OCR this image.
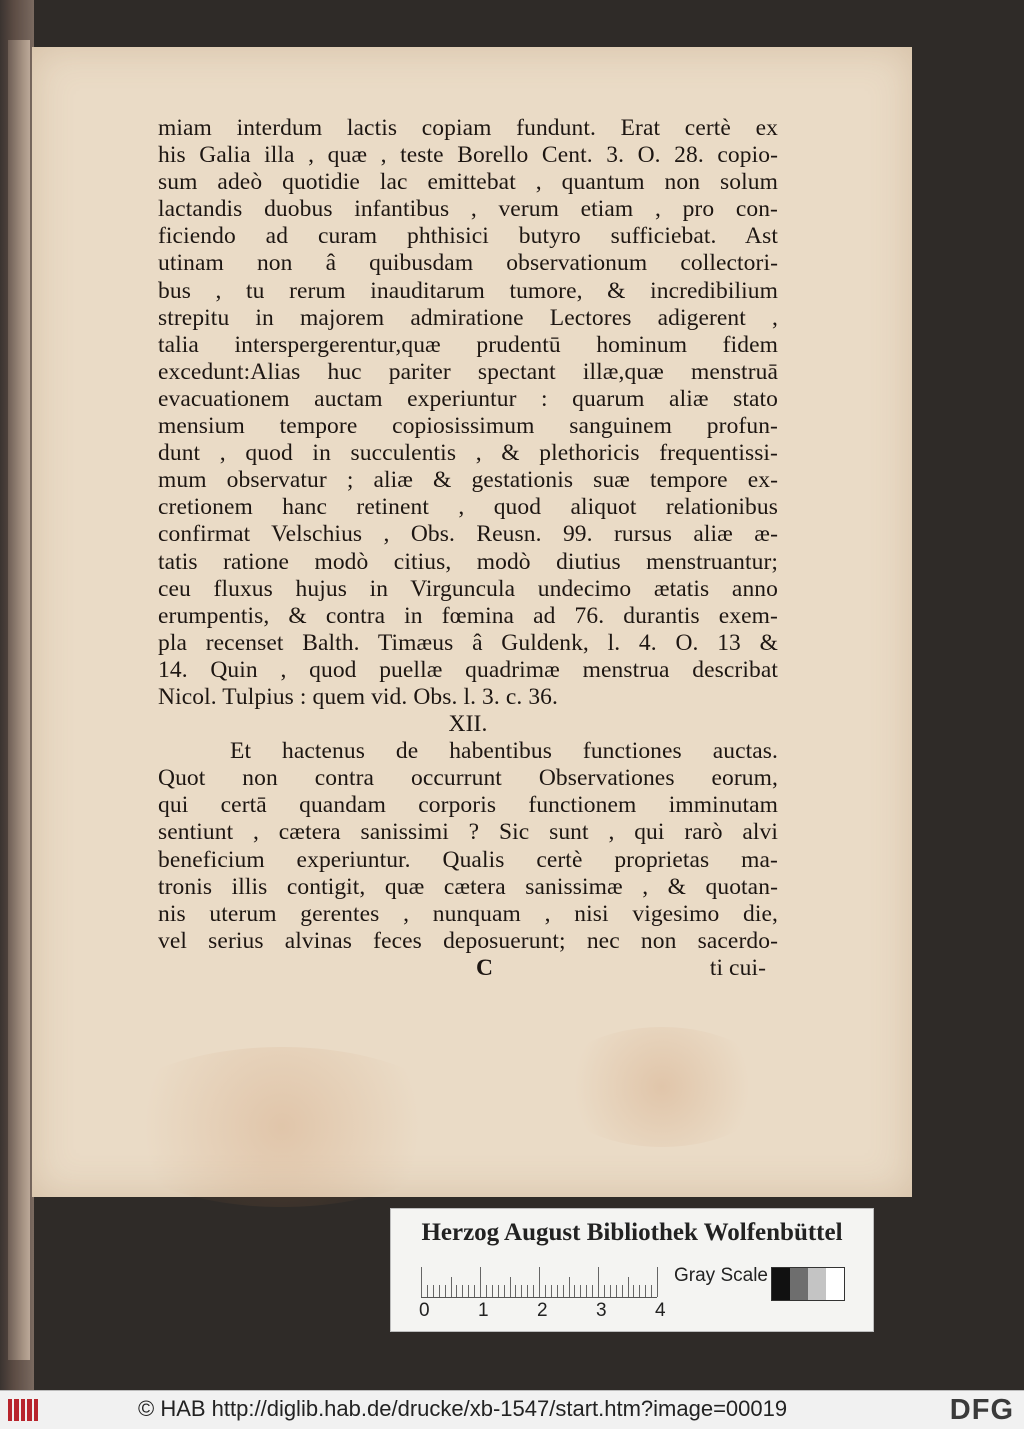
miam interdum lactis copiam fundunt. Erat certè ex
his Galia illa , quæ , teste Borello Cent. 3. O. 28. copio-
sum adeò quotidie lac emittebat , quantum non solum
lactandis duobus infantibus , verum etiam , pro con-
ficiendo ad curam phthisici butyro sufficiebat. Ast
utinam non â quibusdam observationum collectori-
bus , tu rerum inauditarum tumore, & incredibilium
strepitu in majorem admiratione Lectores adigerent ,
talia interspergerentur,quæ prudentū hominum fidem
excedunt:Alias huc pariter spectant illæ,quæ menstruā
evacuationem auctam experiuntur : quarum aliæ stato
mensium tempore copiosissimum sanguinem profun-
dunt , quod in succulentis , & plethoricis frequentissi-
mum observatur ; aliæ & gestationis suæ tempore ex-
cretionem hanc retinent , quod aliquot relationibus
confirmat Velschius , Obs. Reusn. 99. rursus aliæ æ-
tatis ratione modò citius, modò diutius menstruantur;
ceu fluxus hujus in Virguncula undecimo ætatis anno
erumpentis, & contra in fœmina ad 76. durantis exem-
pla recenset Balth. Timæus â Guldenk, l. 4. O. 13 &
14. Quin , quod puellæ quadrimæ menstrua describat
Nicol. Tulpius : quem vid. Obs. l. 3. c. 36.
XII.
Et hactenus de habentibus functiones auctas.
Quot non contra occurrunt Observationes eorum,
qui certā quandam corporis functionem imminutam
sentiunt , cætera sanissimi ? Sic sunt , qui rarò alvi
beneficium experiuntur. Qualis certè proprietas ma-
tronis illis contigit, quæ cætera sanissimæ , & quotan-
nis uterum gerentes , nunquam , nisi vigesimo die,
vel serius alvinas feces deposuerunt; nec non sacerdo-
C	ti cui-
Herzog August Bibliothek Wolfenbüttel
0	1	2	3	4
Gray Scale
© HAB http://diglib.hab.de/drucke/xb-1547/start.htm?image=00019	DFG
